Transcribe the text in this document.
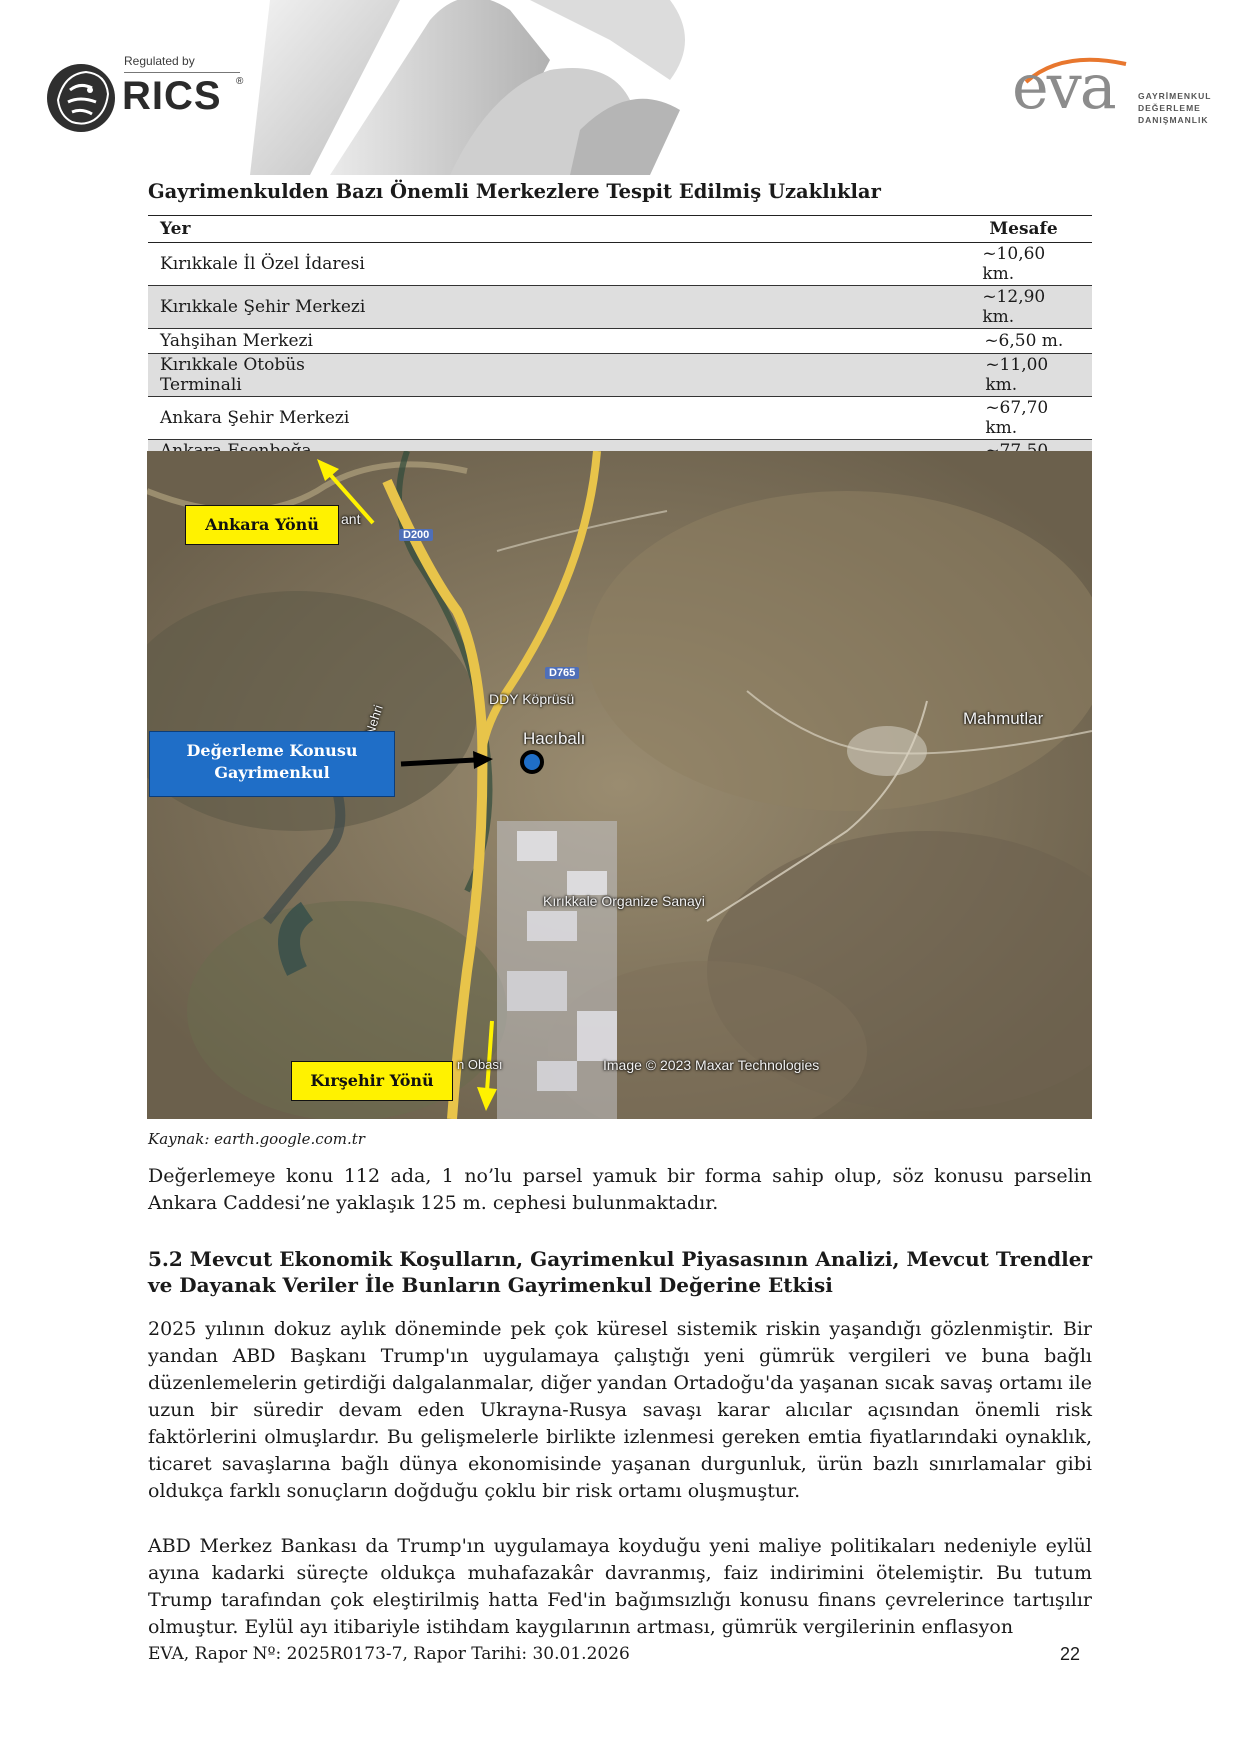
Regulated by
RICS ®	eva	GAYRİMENKUL
DEĞERLEME
DANIŞMANLIK
Gayrimenkulden Bazı Önemli Merkezlere Tespit Edilmiş Uzaklıklar
Yer	Mesafe
Kırıkkale İl Özel İdaresi	~10,60 km.
Kırıkkale Şehir Merkezi	~12,90 km.
Yahşihan Merkezi	~6,50 m.
Kırıkkale Otobüs Terminali	~11,00 km.
Ankara Şehir Merkezi	~67,70 km.

D200
D765
ant
DDY Köprüsü
Hacıbalı
Mahmutlar
Kırıkkale Organize Sanayi
n Obası	Image © 2023 Maxar Technologies
Ankara Yönü
Kırşehir Yönü
Değerleme Konusu
Gayrimenkul
Kaynak: earth.google.com.tr

Değerlemeye konu 112 ada, 1 no’lu parsel yamuk bir forma sahip olup, söz konusu parselin Ankara Caddesi’ne yaklaşık 125 m. cephesi bulunmaktadır.

5.2 Mevcut Ekonomik Koşulların, Gayrimenkul Piyasasının Analizi, Mevcut Trendler ve Dayanak Veriler İle Bunların Gayrimenkul Değerine Etkisi

2025 yılının dokuz aylık döneminde pek çok küresel sistemik riskin yaşandığı gözlenmiştir. Bir yandan ABD Başkanı Trump'ın uygulamaya çalıştığı yeni gümrük vergileri ve buna bağlı düzenlemelerin getirdiği dalgalanmalar, diğer yandan Ortadoğu'da yaşanan sıcak savaş ortamı ile uzun bir süredir devam eden Ukrayna-Rusya savaşı karar alıcılar açısından önemli risk faktörlerini olmuşlardır. Bu gelişmelerle birlikte izlenmesi gereken emtia fiyatlarındaki oynaklık, ticaret savaşlarına bağlı dünya ekonomisinde yaşanan durgunluk, ürün bazlı sınırlamalar gibi oldukça farklı sonuçların doğduğu çoklu bir risk ortamı oluşmuştur.

ABD Merkez Bankası da Trump'ın uygulamaya koyduğu yeni maliye politikaları nedeniyle eylül ayına kadarki süreçte oldukça muhafazakâr davranmış, faiz indirimini ötelemiştir. Bu tutum Trump tarafından çok eleştirilmiş hatta Fed'in bağımsızlığı konusu finans çevrelerince tartışılır olmuştur. Eylül ayı itibariyle istihdam kaygılarının artması, gümrük vergilerinin enflasyon

EVA, Rapor Nº: 2025R0173-7, Rapor Tarihi: 30.01.2026	22
